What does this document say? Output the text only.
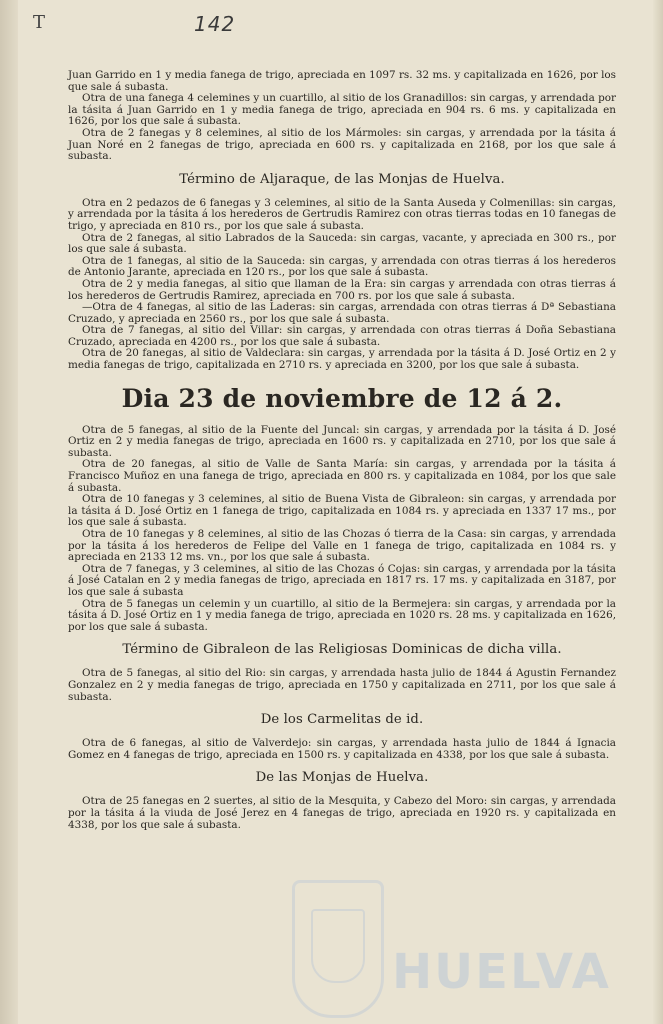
T	142
HUELVA

Juan Garrido en 1 y media fanega de trigo, apreciada en 1097 rs. 32 ms. y capitalizada en 1626, por los que sale á subasta.

Otra de una fanega 4 celemines y un cuartillo, al sitio de los Granadillos: sin cargas, y arrendada por la tásita á Juan Garrido en 1 y media fanega de trigo, apreciada en 904 rs. 6 ms. y capitalizada en 1626, por los que sale á subasta.

Otra de 2 fanegas y 8 celemines, al sitio de los Mármoles: sin cargas, y arrendada por la tásita á Juan Noré en 2 fanegas de trigo, apreciada en 600 rs. y capitalizada en 2168, por los que sale á subasta.

Término de Aljaraque, de las Monjas de Huelva.

Otra en 2 pedazos de 6 fanegas y 3 celemines, al sitio de la Santa Auseda y Colmenillas: sin cargas, y arrendada por la tásita á los herederos de Gertrudis Ramirez con otras tierras todas en 10 fanegas de trigo, y apreciada en 810 rs., por los que sale á subasta.

Otra de 2 fanegas, al sitio Labrados de la Sauceda: sin cargas, vacante, y apreciada en 300 rs., por los que sale á subasta.

Otra de 1 fanegas, al sitio de la Sauceda: sin cargas, y arrendada con otras tierras á los herederos de Antonio Jarante, apreciada en 120 rs., por los que sale á subasta.

Otra de 2 y media fanegas, al sitio que llaman de la Era: sin cargas y arrendada con otras tierras á los herederos de Gertrudis Ramirez, apreciada en 700 rs. por los que sale á subasta.

—Otra de 4 fanegas, al sitio de las Laderas: sin cargas, arrendada con otras tierras á Dª Sebastiana Cruzado, y apreciada en 2560 rs., por los que sale á subasta.

Otra de 7 fanegas, al sitio del Villar: sin cargas, y arrendada con otras tierras á Doña Sebastiana Cruzado, apreciada en 4200 rs., por los que sale á subasta.

Otra de 20 fanegas, al sitio de Valdeclara: sin cargas, y arrendada por la tásita á D. José Ortiz en 2 y media fanegas de trigo, capitalizada en 2710 rs. y apreciada en 3200, por los que sale á subasta.

Dia 23 de noviembre de 12 á 2.

Otra de 5 fanegas, al sitio de la Fuente del Juncal: sin cargas, y arrendada por la tásita á D. José Ortiz en 2 y media fanegas de trigo, apreciada en 1600 rs. y capitalizada en 2710, por los que sale á subasta.

Otra de 20 fanegas, al sitio de Valle de Santa María: sin cargas, y arrendada por la tásita á Francisco Muñoz en una fanega de trigo, apreciada en 800 rs. y capitalizada en 1084, por los que sale á subasta.

Otra de 10 fanegas y 3 celemines, al sitio de Buena Vista de Gibraleon: sin cargas, y arrendada por la tásita á D. José Ortiz en 1 fanega de trigo, capitalizada en 1084 rs. y apreciada en 1337 17 ms., por los que sale á subasta.

Otra de 10 fanegas y 8 celemines, al sitio de las Chozas ó tierra de la Casa: sin cargas, y arrendada por la tásita á los herederos de Felipe del Valle en 1 fanega de trigo, capitalizada en 1084 rs. y apreciada en 2133 12 ms. vn., por los que sale á subasta.

Otra de 7 fanegas, y 3 celemines, al sitio de las Chozas ó Cojas: sin cargas, y arrendada por la tásita á José Catalan en 2 y media fanegas de trigo, apreciada en 1817 rs. 17 ms. y capitalizada en 3187, por los que sale á subasta

Otra de 5 fanegas un celemin y un cuartillo, al sitio de la Bermejera: sin cargas, y arrendada por la tásita á D. José Ortiz en 1 y media fanega de trigo, apreciada en 1020 rs. 28 ms. y capitalizada en 1626, por los que sale á subasta.

Término de Gibraleon de las Religiosas Dominicas de dicha villa.

Otra de 5 fanegas, al sitio del Rio: sin cargas, y arrendada hasta julio de 1844 á Agustin Fernandez Gonzalez en 2 y media fanegas de trigo, apreciada en 1750 y capitalizada en 2711, por los que sale á subasta.

De los Carmelitas de id.

Otra de 6 fanegas, al sitio de Valverdejo: sin cargas, y arrendada hasta julio de 1844 á Ignacia Gomez en 4 fanegas de trigo, apreciada en 1500 rs. y capitalizada en 4338, por los que sale á subasta.

De las Monjas de Huelva.

Otra de 25 fanegas en 2 suertes, al sitio de la Mesquita, y Cabezo del Moro: sin cargas, y arrendada por la tásita á la viuda de José Jerez en 4 fanegas de trigo, apreciada en 1920 rs. y capitalizada en 4338, por los que sale á subasta.
